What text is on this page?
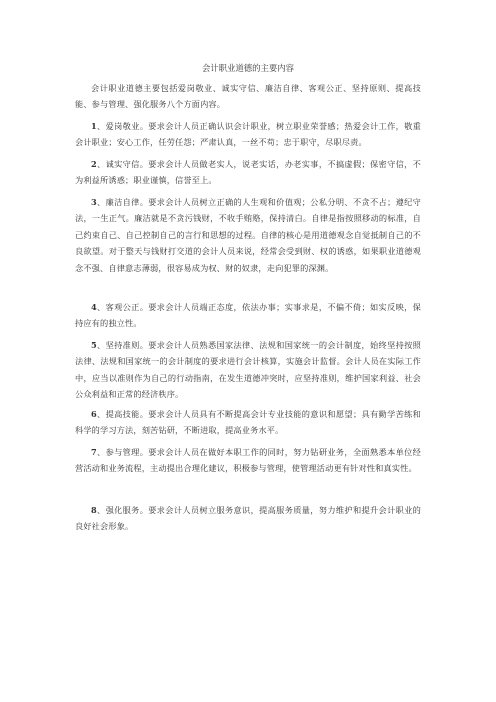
会计职业道德的主要内容

会计职业道德主要包括爱岗敬业、诚实守信、廉洁自律、客观公正、坚持原则、提高技能、参与管理、强化服务八个方面内容。

1、爱岗敬业。要求会计人员正确认识会计职业，树立职业荣誉感；热爱会计工作，敬重会计职业；安心工作，任劳任怨；严肃认真，一丝不苟；忠于职守，尽职尽责。

2、诚实守信。要求会计人员做老实人，说老实话，办老实事，不搞虚假；保密守信，不为利益所诱惑；职业谨慎，信誉至上。

3、廉洁自律。要求会计人员树立正确的人生观和价值观；公私分明、不贪不占；遵纪守法，一生正气。廉洁就是不贪污钱财，不收手贿赂，保持清白。自律是指按照移动的标准，自己约束自己、自己控制自己的言行和思想的过程。自律的核心是用道德观念自觉抵制自己的不良欲望。对于整天与钱财打交道的会计人员来说，经常会受到财、权的诱惑，如果职业道德观念不强、自律意志薄弱，很容易成为权、财的奴隶，走向犯罪的深渊。

4、客观公正。要求会计人员端正态度，依法办事；实事求是，不偏不倚；如实反映，保持应有的独立性。

5、坚持准则。要求会计人员熟悉国家法律、法规和国家统一的会计制度，始终坚持按照法律、法规和国家统一的会计制度的要求进行会计核算，实施会计监督。会计人员在实际工作中，应当以准则作为自己的行动指南，在发生道德冲突时，应坚持准则，维护国家利益、社会公众利益和正常的经济秩序。

6、提高技能。要求会计人员具有不断提高会计专业技能的意识和愿望；具有勤学苦练和科学的学习方法，刻苦钻研，不断进取，提高业务水平。

7、参与管理。要求会计人员在做好本职工作的同时，努力钻研业务，全面熟悉本单位经营活动和业务流程，主动提出合理化建议，积极参与管理，使管理活动更有针对性和真实性。

8、强化服务。要求会计人员树立服务意识，提高服务质量，努力维护和提升会计职业的良好社会形象。
